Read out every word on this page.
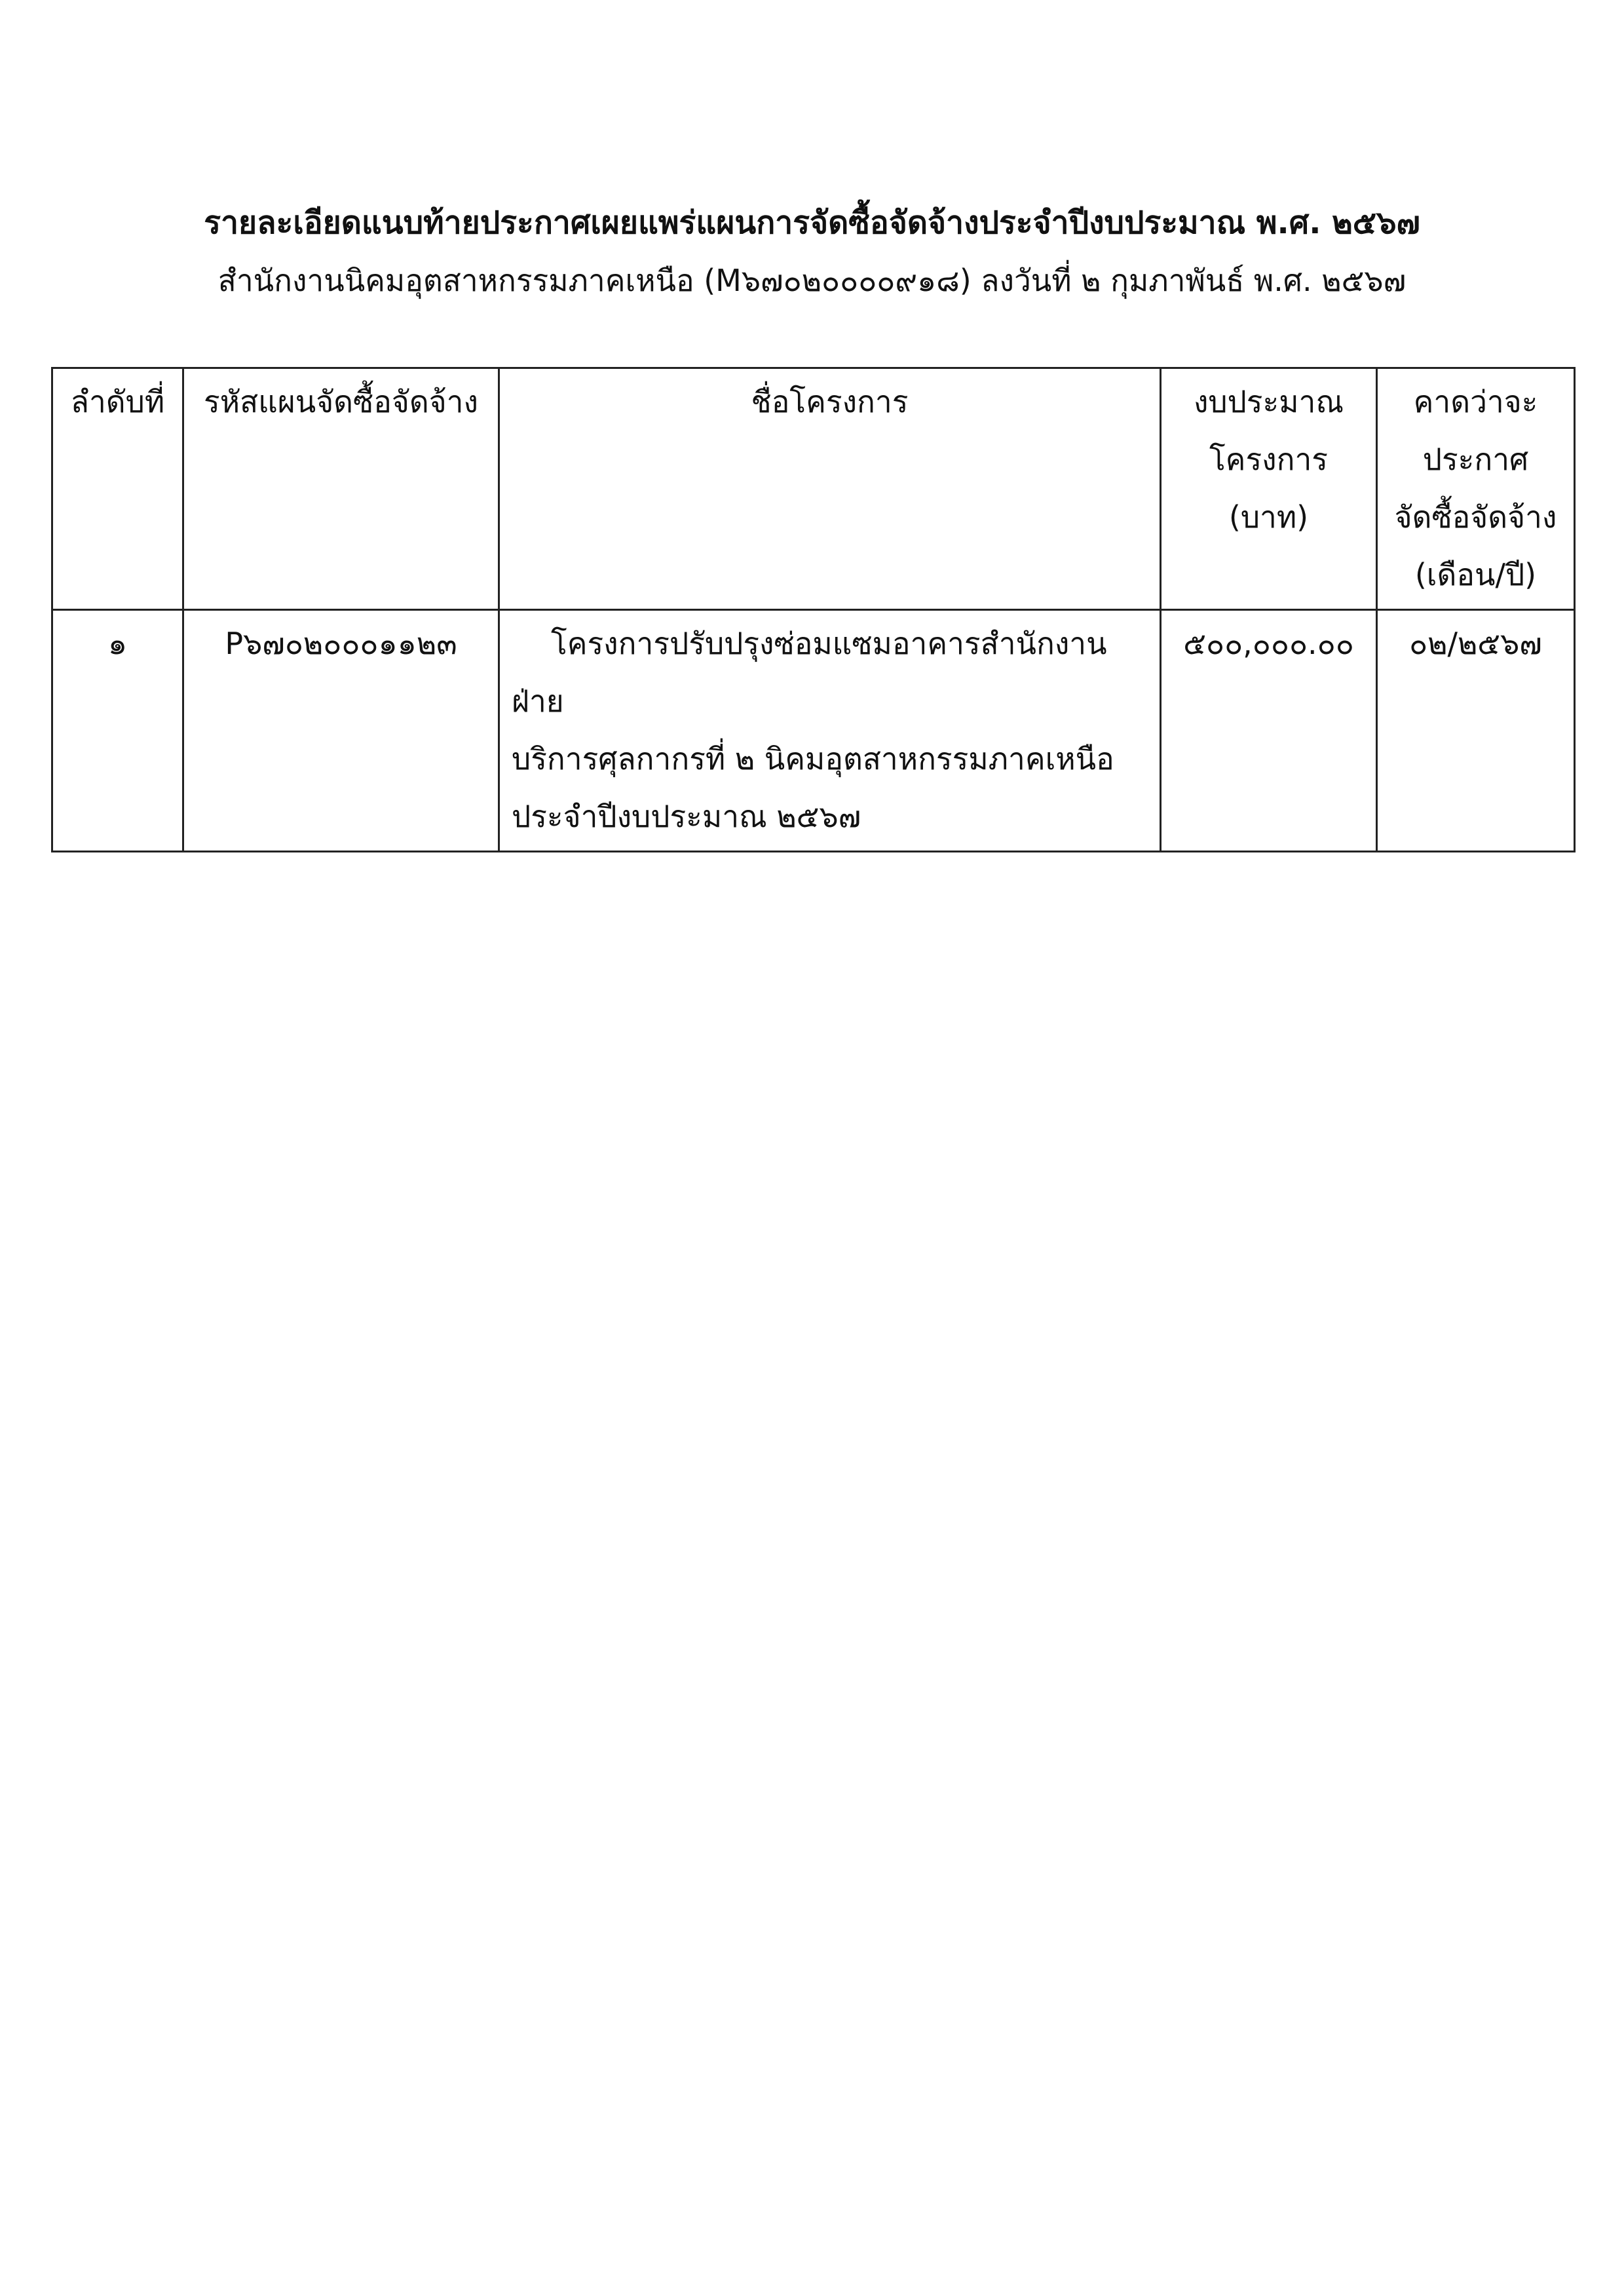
รายละเอียดแนบท้ายประกาศเผยแพร่แผนการจัดซื้อจัดจ้างประจำปีงบประมาณ พ.ศ. ๒๕๖๗
สำนักงานนิคมอุตสาหกรรมภาคเหนือ (M๖๗๐๒๐๐๐๐๙๑๘) ลงวันที่ ๒ กุมภาพันธ์ พ.ศ. ๒๕๖๗
ลำดับที่	รหัสแผนจัดซื้อจัดจ้าง	ชื่อโครงการ	งบประมาณ
โครงการ
(บาท)	คาดว่าจะ
ประกาศ
จัดซื้อจัดจ้าง
(เดือน/ปี)

๑	P๖๗๐๒๐๐๐๑๑๒๓	โครงการปรับปรุงซ่อมแซมอาคารสำนักงานฝ่าย
บริการศุลกากรที่ ๒ นิคมอุตสาหกรรมภาคเหนือ
ประจำปีงบประมาณ ๒๕๖๗	๕๐๐,๐๐๐.๐๐	๐๒/๒๕๖๗
